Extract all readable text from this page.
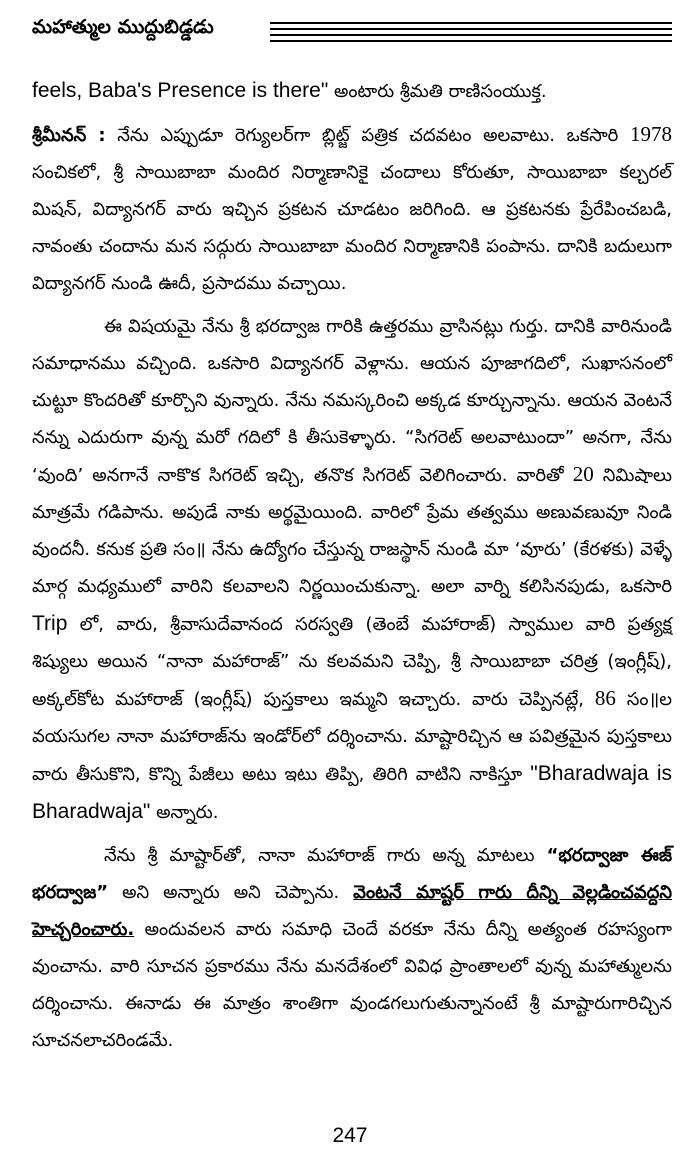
మహాత్ముల ముద్దుబిడ్డడు

feels, Baba's Presence is there" అంటారు శ్రీమతి రాణిసంయుక్త.

శ్రీమీనన్ : నేను ఎప్పుడూ రెగ్యులర్‌గా బ్లిట్జ్ పత్రిక చదవటం అలవాటు. ఒకసారి 1978 సంచికలో, శ్రీ సాయిబాబా మందిర నిర్మాణానికై చందాలు కోరుతూ, సాయిబాబా కల్చరల్ మిషన్, విద్యానగర్ వారు ఇచ్చిన ప్రకటన చూడటం జరిగింది. ఆ ప్రకటనకు ప్రేరేపించబడి, నావంతు చందాను మన సద్గురు సాయిబాబా మందిర నిర్మాణానికి పంపాను. దానికి బదులుగా విద్యానగర్ నుండి ఊదీ, ప్రసాదము వచ్చాయి.

ఈ విషయమై నేను శ్రీ భరద్వాజ గారికి ఉత్తరము వ్రాసినట్లు గుర్తు. దానికి వారినుండి సమాధానము వచ్చింది. ఒకసారి విద్యానగర్ వెళ్లాను. ఆయన పూజాగదిలో, సుఖాసనంలో చుట్టూ కొందరితో కూర్చొని వున్నారు. నేను నమస్కరించి అక్కడ కూర్చున్నాను. ఆయన వెంటనే నన్ను ఎదురుగా వున్న మరో గదిలో కి తీసుకెళ్ళారు. “సిగరెట్ అలవాటుందా” అనగా, నేను ‘వుంది’ అనగానే నాకొక సిగరెట్ ఇచ్చి, తనొక సిగరెట్ వెలిగించారు. వారితో 20 నిమిషాలు మాత్రమే గడిపాను. అపుడే నాకు అర్థమైయింది. వారిలో ప్రేమ తత్వము అణువణువూ నిండి వుందనీ. కనుక ప్రతి సం॥ నేను ఉద్యోగం చేస్తున్న రాజస్థాన్ నుండి మా ‘వూరు’ (కేరళకు) వెళ్ళే మార్గ మధ్యములో వారిని కలవాలని నిర్ణయించుకున్నా. అలా వార్ని కలిసినపుడు, ఒకసారి Trip లో, వారు, శ్రీవాసుదేవానంద సరస్వతి (తెంబే మహారాజ్) స్వాముల వారి ప్రత్యక్ష శిష్యులు అయిన “నానా మహారాజ్” ను కలవమని చెప్పి, శ్రీ సాయిబాబా చరిత్ర (ఇంగ్లీష్), అక్కల్‌కోట మహారాజ్ (ఇంగ్లీష్) పుస్తకాలు ఇమ్మని ఇచ్చారు. వారు చెప్పినట్లే, 86 సం॥ల వయసుగల నానా మహారాజ్‌ను ఇండోర్‌లో దర్శించాను. మాష్టారిచ్చిన ఆ పవిత్రమైన పుస్తకాలు వారు తీసుకొని, కొన్ని పేజీలు అటు ఇటు తిప్పి, తిరిగి వాటిని నాకిస్తూ "Bharadwaja is Bharadwaja" అన్నారు.

నేను శ్రీ మాష్టార్‌తో, నానా మహారాజ్ గారు అన్న మాటలు “భరద్వాజా ఈజ్ భరద్వాజ” అని అన్నారు అని చెప్పాను. వెంటనే మాష్టర్ గారు దీన్ని వెల్లడించవద్దని హెచ్చరించారు. అందువలన వారు సమాధి చెందే వరకూ నేను దీన్ని అత్యంత రహస్యంగా వుంచాను. వారి సూచన ప్రకారము నేను మనదేశంలో వివిధ ప్రాంతాలలో వున్న మహాత్ములను దర్శించాను. ఈనాడు ఈ మాత్రం శాంతిగా వుండగలుగుతున్నానంటే శ్రీ మాష్టారుగారిచ్చిన సూచనలాచరిండమే.

247
